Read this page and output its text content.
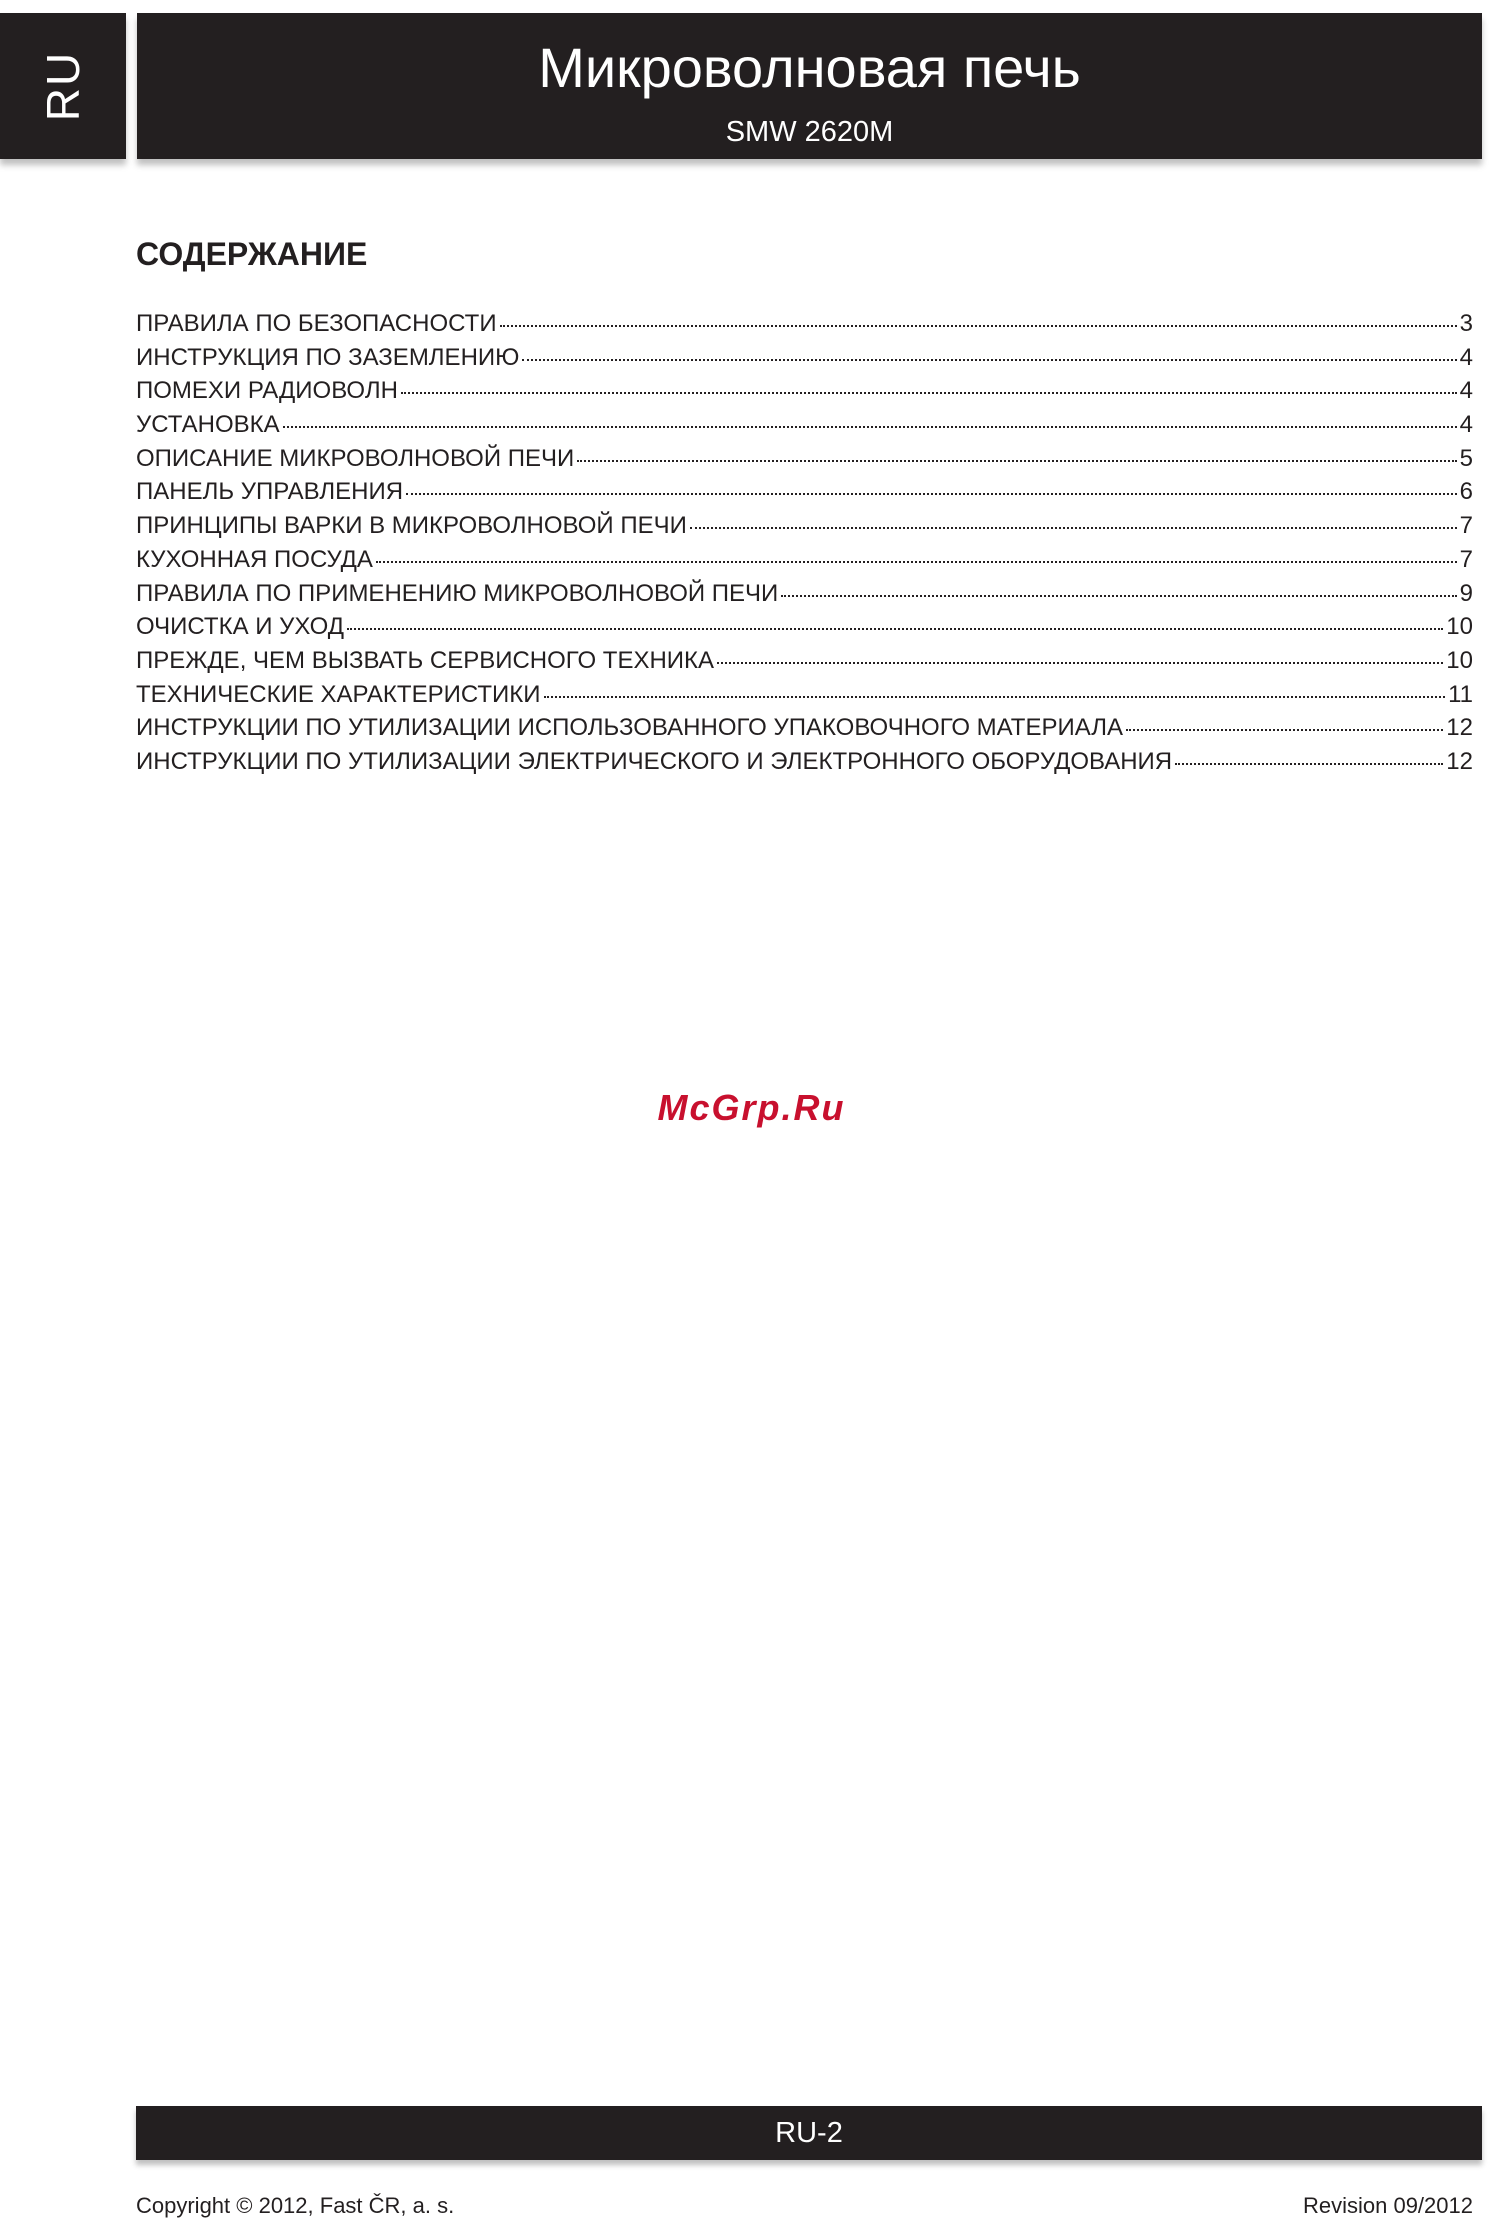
RU	Микроволновая печь
SMW 2620M
СОДЕРЖАНИЕ
ПРАВИЛА ПО БЕЗОПАСНОСТИ	3
ИНСТРУКЦИЯ ПО ЗАЗЕМЛЕНИЮ	4
ПОМЕХИ РАДИОВОЛН	4
УСТАНОВКА	4
ОПИСАНИЕ МИКРОВОЛНОВОЙ ПЕЧИ	5
ПАНЕЛЬ УПРАВЛЕНИЯ	6
ПРИНЦИПЫ ВАРКИ В МИКРОВОЛНОВОЙ ПЕЧИ	7
КУХОННАЯ ПОСУДА	7
ПРАВИЛА ПО ПРИМЕНЕНИЮ МИКРОВОЛНОВОЙ ПЕЧИ	9
ОЧИСТКА И УХОД	10
ПРЕЖДЕ, ЧЕМ ВЫЗВАТЬ СЕРВИСНОГО ТЕХНИКА	10
ТЕХНИЧЕСКИЕ ХАРАКТЕРИСТИКИ	11
ИНСТРУКЦИИ ПО УТИЛИЗАЦИИ ИСПОЛЬЗОВАННОГО УПАКОВОЧНОГО МАТЕРИАЛА	12
ИНСТРУКЦИИ ПО УТИЛИЗАЦИИ ЭЛЕКТРИЧЕСКОГО И ЭЛЕКТРОННОГО ОБОРУДОВАНИЯ	12
McGrp.Ru
RU-2
Copyright © 2012, Fast ČR, a. s.	Revision 09/2012
